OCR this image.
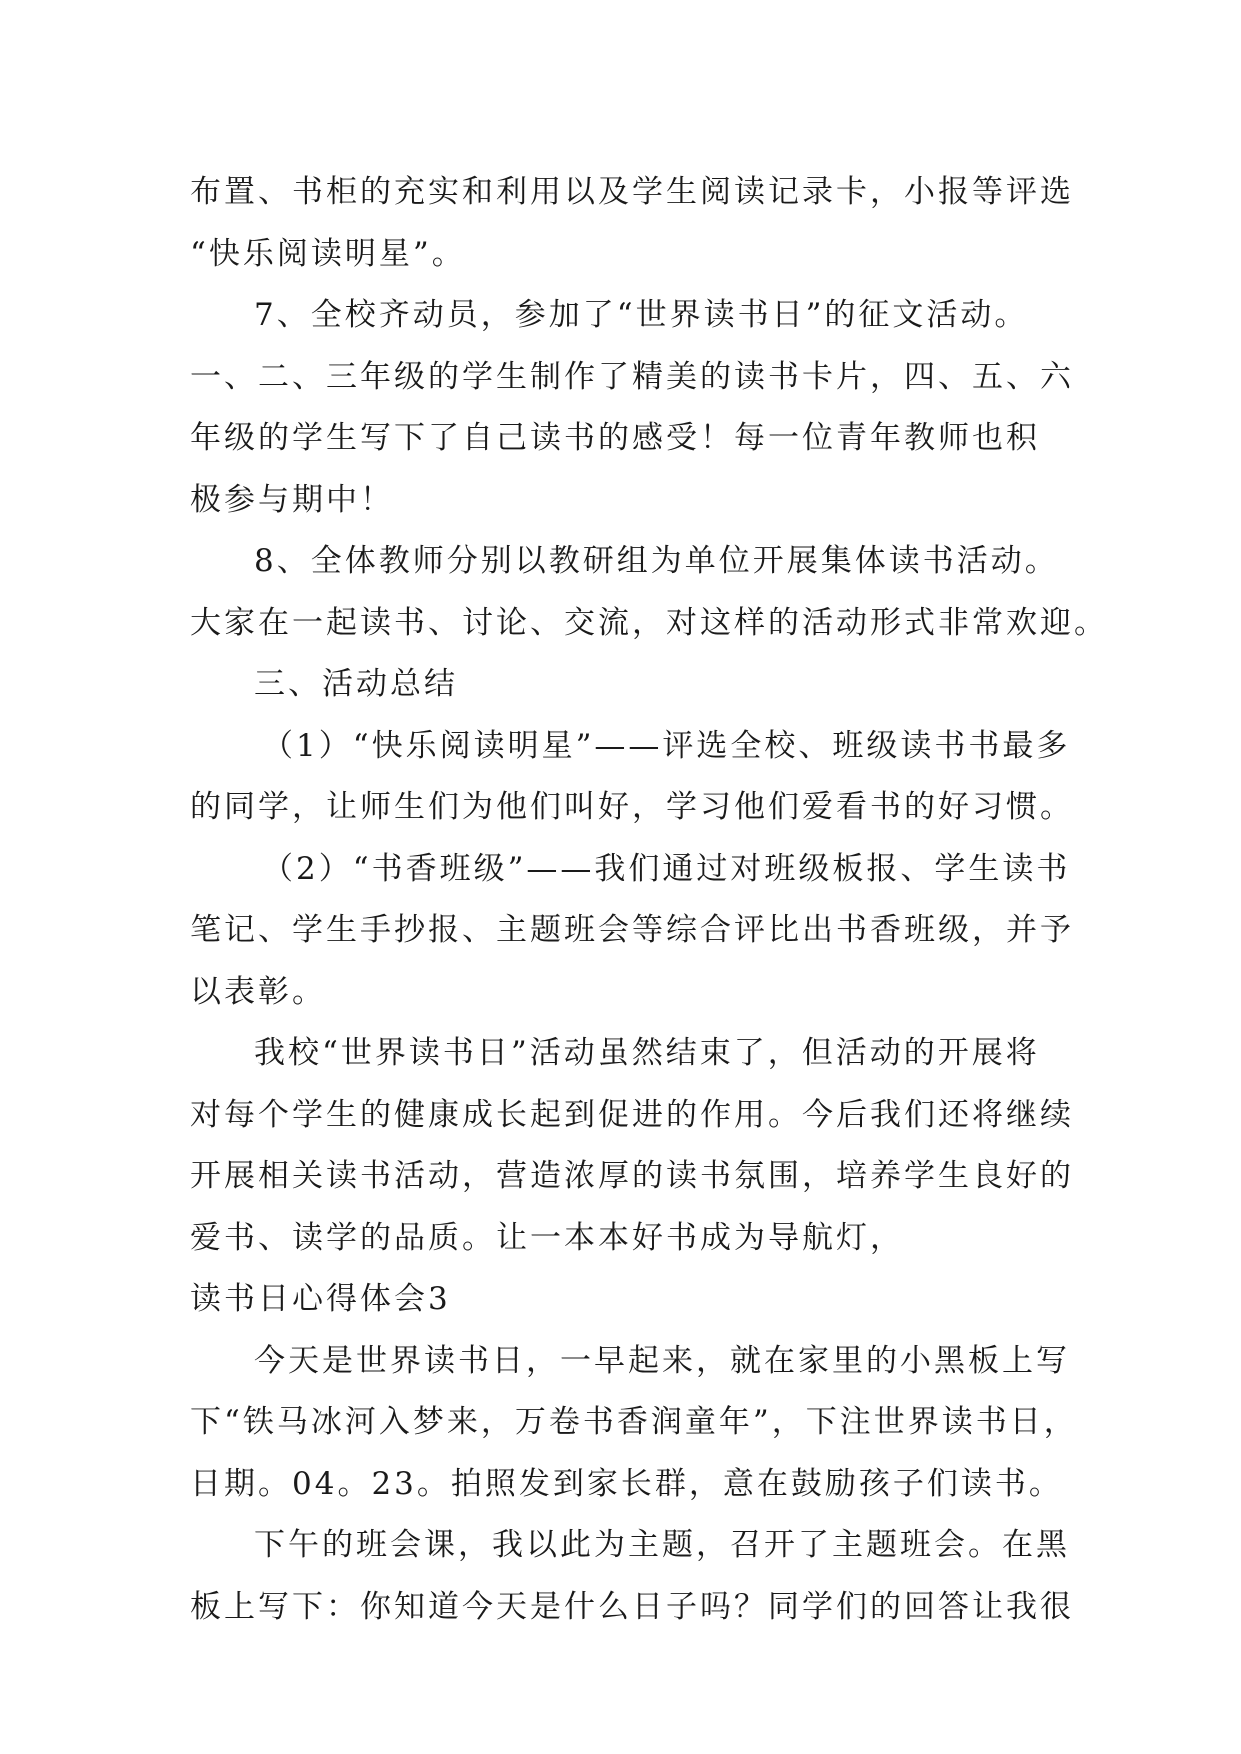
布置、书柜的充实和利用以及学生阅读记录卡，小报等评选
“快乐阅读明星”。
7、全校齐动员，参加了“世界读书日”的征文活动。
一、二、三年级的学生制作了精美的读书卡片，四、五、六
年级的学生写下了自己读书的感受！每一位青年教师也积
极参与期中！
8、全体教师分别以教研组为单位开展集体读书活动。
大家在一起读书、讨论、交流，对这样的活动形式非常欢迎。
三、活动总结
（1）“快乐阅读明星”——评选全校、班级读书书最多
的同学，让师生们为他们叫好，学习他们爱看书的好习惯。
（2）“书香班级”——我们通过对班级板报、学生读书
笔记、学生手抄报、主题班会等综合评比出书香班级，并予
以表彰。
我校“世界读书日”活动虽然结束了，但活动的开展将
对每个学生的健康成长起到促进的作用。今后我们还将继续
开展相关读书活动，营造浓厚的读书氛围，培养学生良好的
爱书、读学的品质。让一本本好书成为导航灯，
读书日心得体会3
今天是世界读书日，一早起来，就在家里的小黑板上写
下“铁马冰河入梦来，万卷书香润童年”，下注世界读书日，
日期。04。23。拍照发到家长群，意在鼓励孩子们读书。
下午的班会课，我以此为主题，召开了主题班会。在黑
板上写下：你知道今天是什么日子吗？同学们的回答让我很
